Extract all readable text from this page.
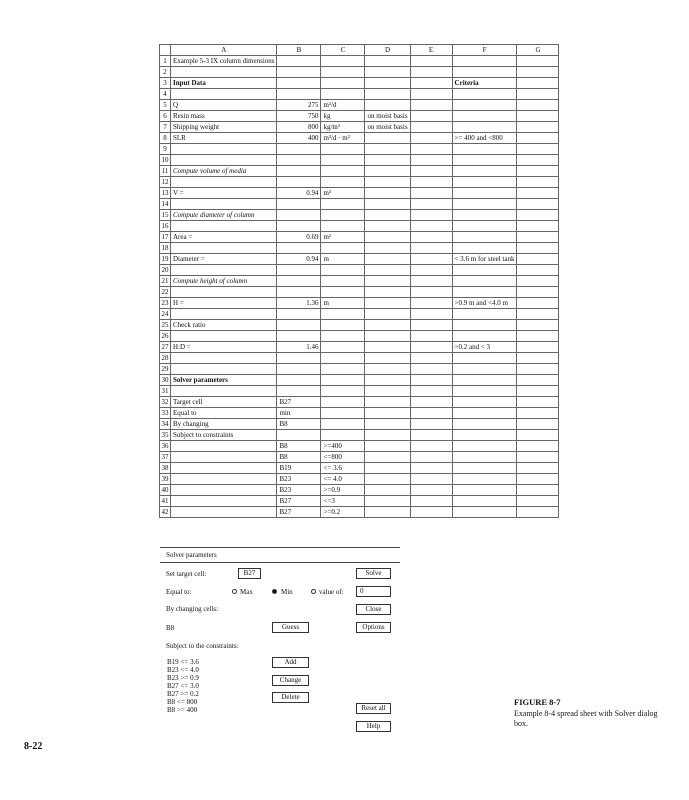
	A	B	C	D	E	F	G
1	Example 5-3 IX column dimensions						
2							
3	Input Data					Criteria	
4							
5	Q	275	m³/d				
6	Resin mass	750	kg	on moist basis			
7	Shipping weight	800	kg/m³	on moist basis			
8	SLR	400	m³/d · m²			>= 400 and <800	
9							
10							
11	Compute volume of media						
12							
13	V =	0.94	m³				
14							
15	Compute diameter of column						
16							
17	Area =	0.69	m²				
18							
19	Diameter =	0.94	m			< 3.6 m for steel tank	
20							
21	Compute height of column						
22							
23	H =	1.36	m			>0.9 m and <4.0 m	
24							
25	Check ratio						
26							
27	H:D =	1.46				>0.2 and < 3	
28							
29							
30	Solver parameters						
31							
32	Target cell	B27					
33	Equal to	min					
34	By changing	B8					
35	Subject to constraints						
36		B8	>=400				
37		B8	<=800				
38		B19	<= 3.6				
39		B23	<= 4.0				
40		B23	>=0.9				
41		B27	<=3				
42		B27	>=0.2				
Solver parameters
Set target cell:	B27	Solve
Equal to:	Max	Min	value of:	0
By changing cells:	Close
B8	Guess	Options
Subject to the constraints:
B19 <= 3.6
B23 <= 4.0
B23 >= 0.9
B27 <= 3.0
B27 >= 0.2
B8 <= 800
B8 >= 400
Add
Change
Delete
Reset all
Help
FIGURE 8-7
Example 8-4 spread sheet with Solver dialog box.
8-22
